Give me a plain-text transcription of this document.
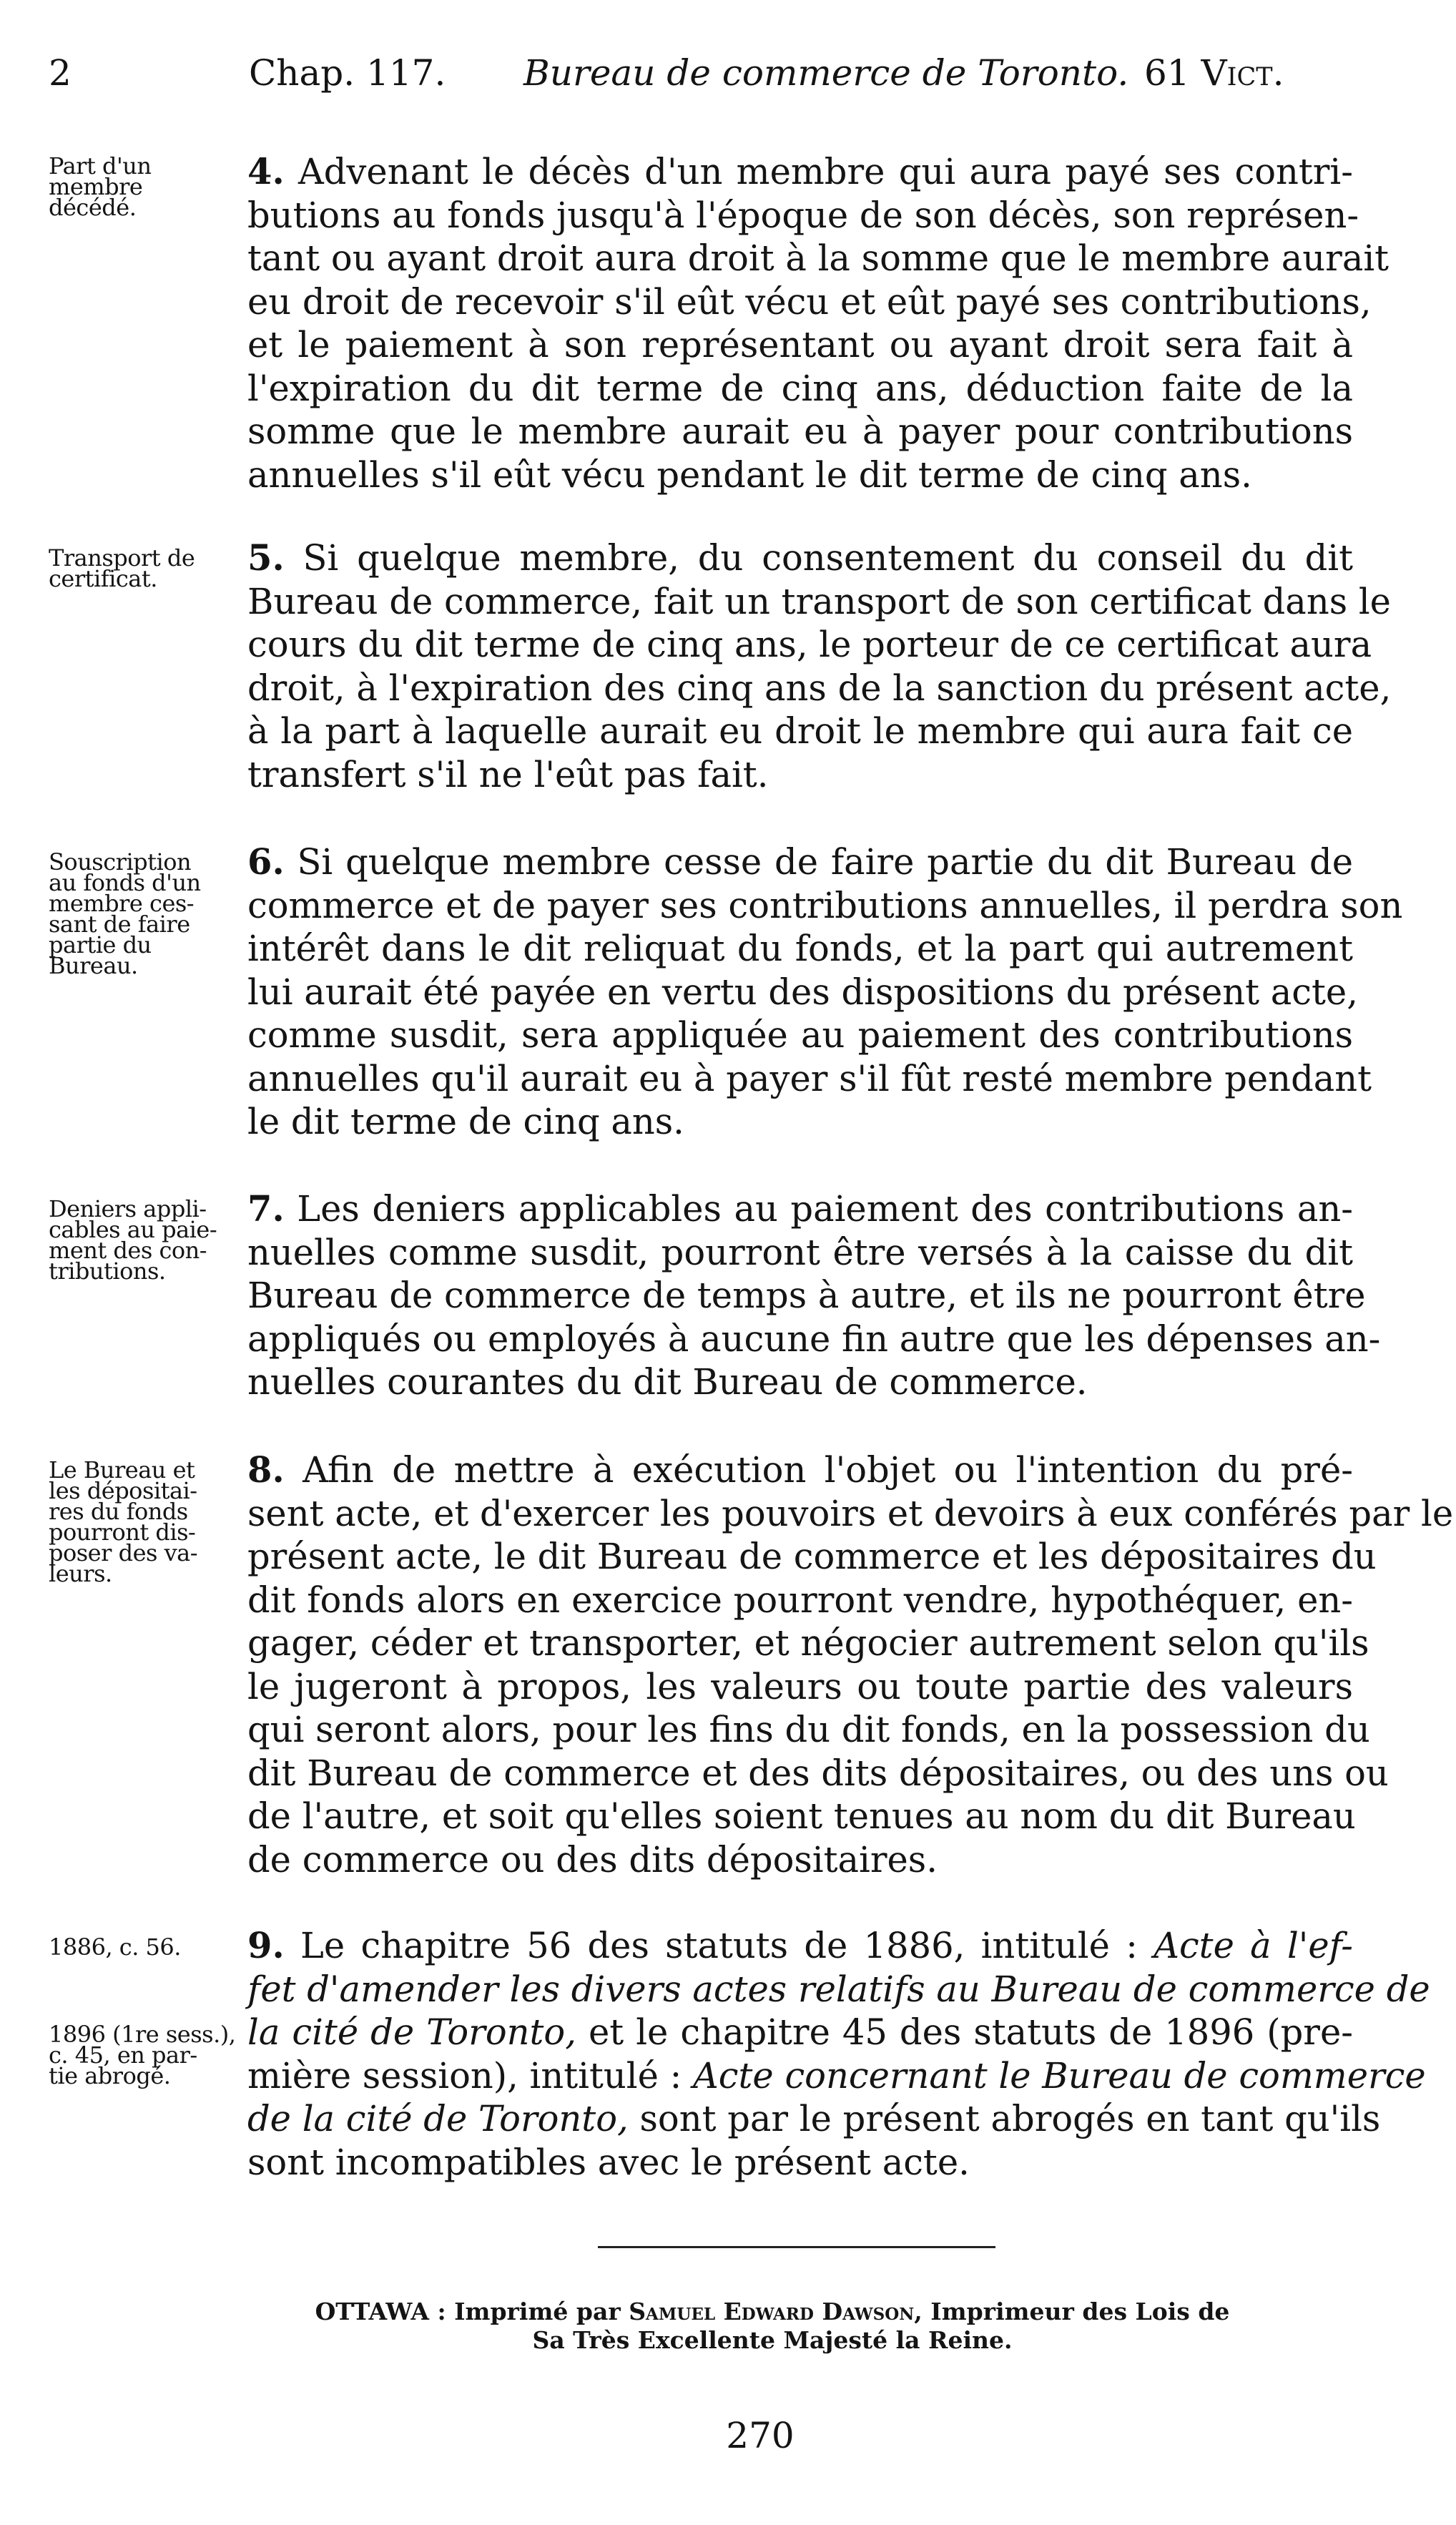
2	Chap. 117. Bureau de commerce de Toronto. 61 Vict.
Part d'un
membre
décédé.
4. Advenant le décès d'un membre qui aura payé ses contri-
butions au fonds jusqu'à l'époque de son décès, son représen-
tant ou ayant droit aura droit à la somme que le membre aurait
eu droit de recevoir s'il eût vécu et eût payé ses contributions,
et le paiement à son représentant ou ayant droit sera fait à
l'expiration du dit terme de cinq ans, déduction faite de la
somme que le membre aurait eu à payer pour contributions
annuelles s'il eût vécu pendant le dit terme de cinq ans.
Transport de
certificat.	5. Si quelque membre, du consentement du conseil du dit
Bureau de commerce, fait un transport de son certificat dans le
cours du dit terme de cinq ans, le porteur de ce certificat aura
droit, à l'expiration des cinq ans de la sanction du présent acte,
à la part à laquelle aurait eu droit le membre qui aura fait ce
transfert s'il ne l'eût pas fait.
Souscription
au fonds d'un
membre ces-
sant de faire
partie du
Bureau.
6. Si quelque membre cesse de faire partie du dit Bureau de
commerce et de payer ses contributions annuelles, il perdra son
intérêt dans le dit reliquat du fonds, et la part qui autrement
lui aurait été payée en vertu des dispositions du présent acte,
comme susdit, sera appliquée au paiement des contributions
annuelles qu'il aurait eu à payer s'il fût resté membre pendant
le dit terme de cinq ans.
Deniers appli-
cables au paie-
ment des con-
tributions.
7. Les deniers applicables au paiement des contributions an-
nuelles comme susdit, pourront être versés à la caisse du dit
Bureau de commerce de temps à autre, et ils ne pourront être
appliqués ou employés à aucune fin autre que les dépenses an-
nuelles courantes du dit Bureau de commerce.
Le Bureau et
les dépositai-
res du fonds
pourront dis-
poser des va-
leurs.
8. Afin de mettre à exécution l'objet ou l'intention du pré-
sent acte, et d'exercer les pouvoirs et devoirs à eux conférés par le
présent acte, le dit Bureau de commerce et les dépositaires du
dit fonds alors en exercice pourront vendre, hypothéquer, en-
gager, céder et transporter, et négocier autrement selon qu'ils
le jugeront à propos, les valeurs ou toute partie des valeurs
qui seront alors, pour les fins du dit fonds, en la possession du
dit Bureau de commerce et des dits dépositaires, ou des uns ou
de l'autre, et soit qu'elles soient tenues au nom du dit Bureau
de commerce ou des dits dépositaires.
1886, c. 56.
1896 (1re sess.),
c. 45, en par-
tie abrogé.
9. Le chapitre 56 des statuts de 1886, intitulé : Acte à l'ef-
fet d'amender les divers actes relatifs au Bureau de commerce de
la cité de Toronto, et le chapitre 45 des statuts de 1896 (pre-
mière session), intitulé : Acte concernant le Bureau de commerce
de la cité de Toronto, sont par le présent abrogés en tant qu'ils
sont incompatibles avec le présent acte.
OTTAWA : Imprimé par Samuel Edward Dawson, Imprimeur des Lois de
Sa Très Excellente Majesté la Reine.
270
